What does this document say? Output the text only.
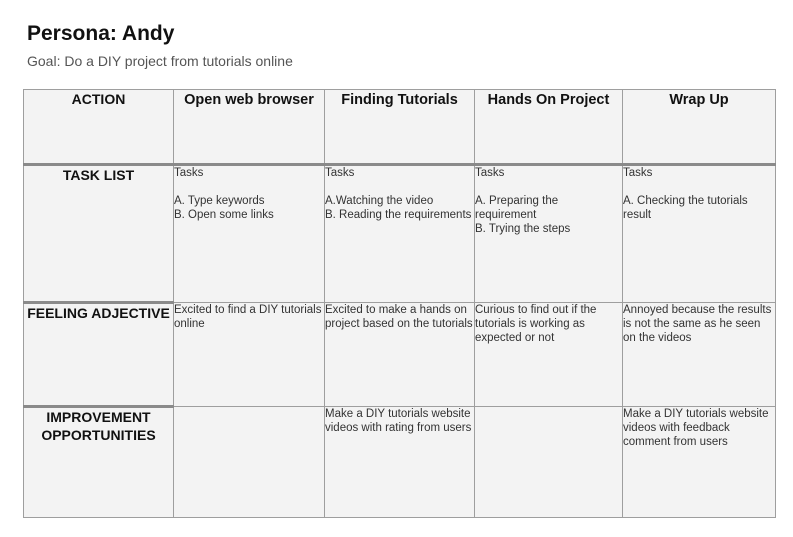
Persona: Andy

Goal: Do a DIY project from tutorials online

ACTION	Open web browser	Finding Tutorials	Hands On Project	Wrap Up
TASK LIST	Tasks
A. Type keywords
B. Open some links	Tasks
A.Watching the video
B. Reading the requirements	Tasks
A. Preparing the requirement
B. Trying the steps	Tasks
A. Checking the tutorials result

FEELING ADJECTIVE	Excited to find a DIY tutorials online	Excited to make a hands on project based on the tutorials	Curious to find out if the tutorials is working as expected or not	Annoyed because the results is not the same as he seen on the videos
IMPROVEMENT OPPORTUNITIES		Make a DIY tutorials website videos with rating from users		Make a DIY tutorials website videos with feedback comment from users
